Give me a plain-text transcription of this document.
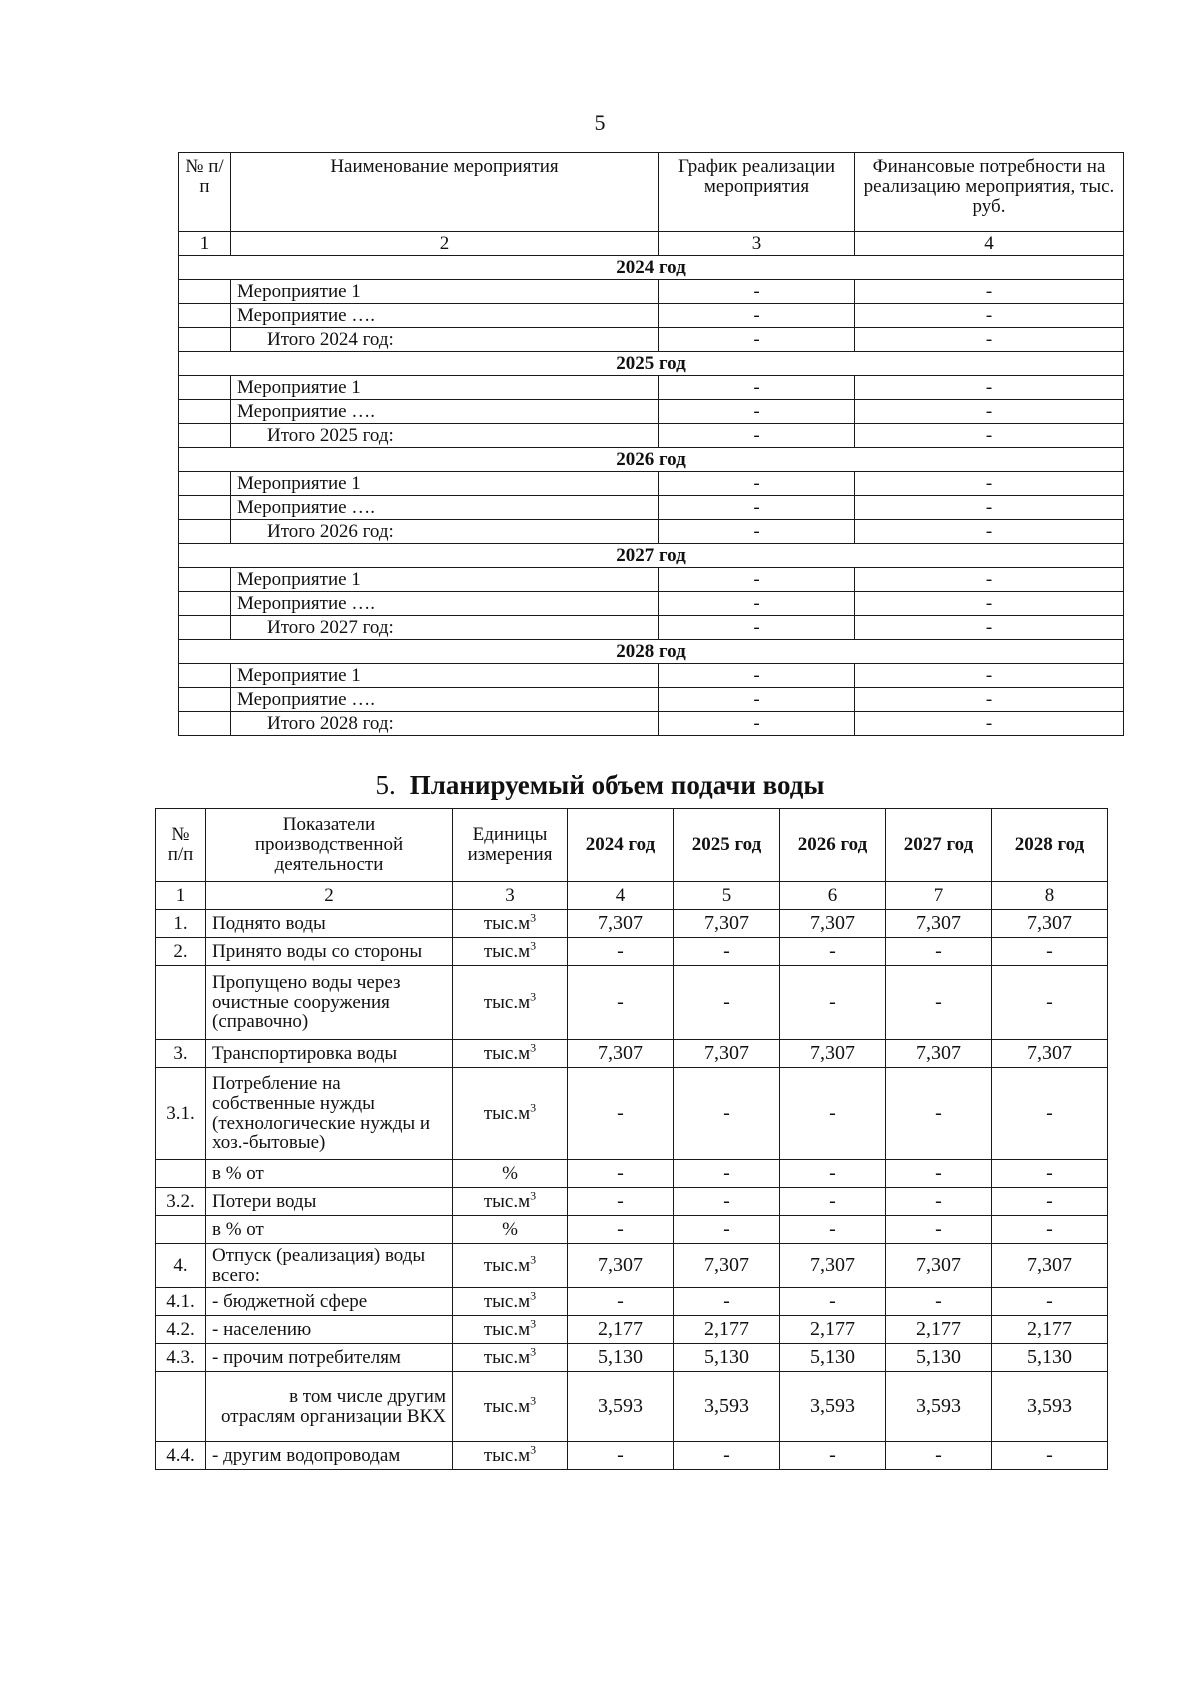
5
№ п/п	Наименование мероприятия	График реализации мероприятия	Финансовые потребности на реализацию мероприятия, тыс. руб.
1	2	3	4
2024 год			
	Мероприятие 1	-	-
	Мероприятие ….	-	-
	Итого 2024 год:	-	-
2025 год			
	Мероприятие 1	-	-
	Мероприятие ….	-	-
	Итого 2025 год:	-	-
2026 год			
	Мероприятие 1	-	-
	Мероприятие ….	-	-
	Итого 2026 год:	-	-
2027 год			
	Мероприятие 1	-	-
	Мероприятие ….	-	-
	Итого 2027 год:	-	-
2028 год			
	Мероприятие 1	-	-
	Мероприятие ….	-	-
	Итого 2028 год:	-	-
5. Планируемый объем подачи воды
№ п/п	Показатели производственной деятельности	Единицы измерения	2024 год	2025 год	2026 год	2027 год	2028 год
1	2	3	4	5	6	7	8
1.	Поднято воды	$тыс.м^3$	7,307	7,307	7,307	7,307	7,307
2.	Принято воды со стороны	$тыс.м^3$	-	-	-	-	-
	Пропущено воды через очистные сооружения (справочно)	$тыс.м^3$	-	-	-	-	-
3.	Транспортировка воды	$тыс.м^3$	7,307	7,307	7,307	7,307	7,307
3.1.	Потребление на собственные нужды (технологические нужды и хоз.-бытовые)	$тыс.м^3$	-	-	-	-	-
	в % от	%	-	-	-	-	-
3.2.	Потери воды	$тыс.м^3$	-	-	-	-	-
	в % от	%	-	-	-	-	-
4.	Отпуск (реализация) воды всего:	$тыс.м^3$	7,307	7,307	7,307	7,307	7,307
4.1.	- бюджетной сфере	$тыс.м^3$	-	-	-	-	-
4.2.	- населению	$тыс.м^3$	2,177	2,177	2,177	2,177	2,177
4.3.	- прочим потребителям	$тыс.м^3$	5,130	5,130	5,130	5,130	5,130
	в том числе другим отраслям организации ВКХ	$тыс.м^3$	3,593	3,593	3,593	3,593	3,593
4.4.	- другим водопроводам	$тыс.м^3$	-	-	-	-	-
